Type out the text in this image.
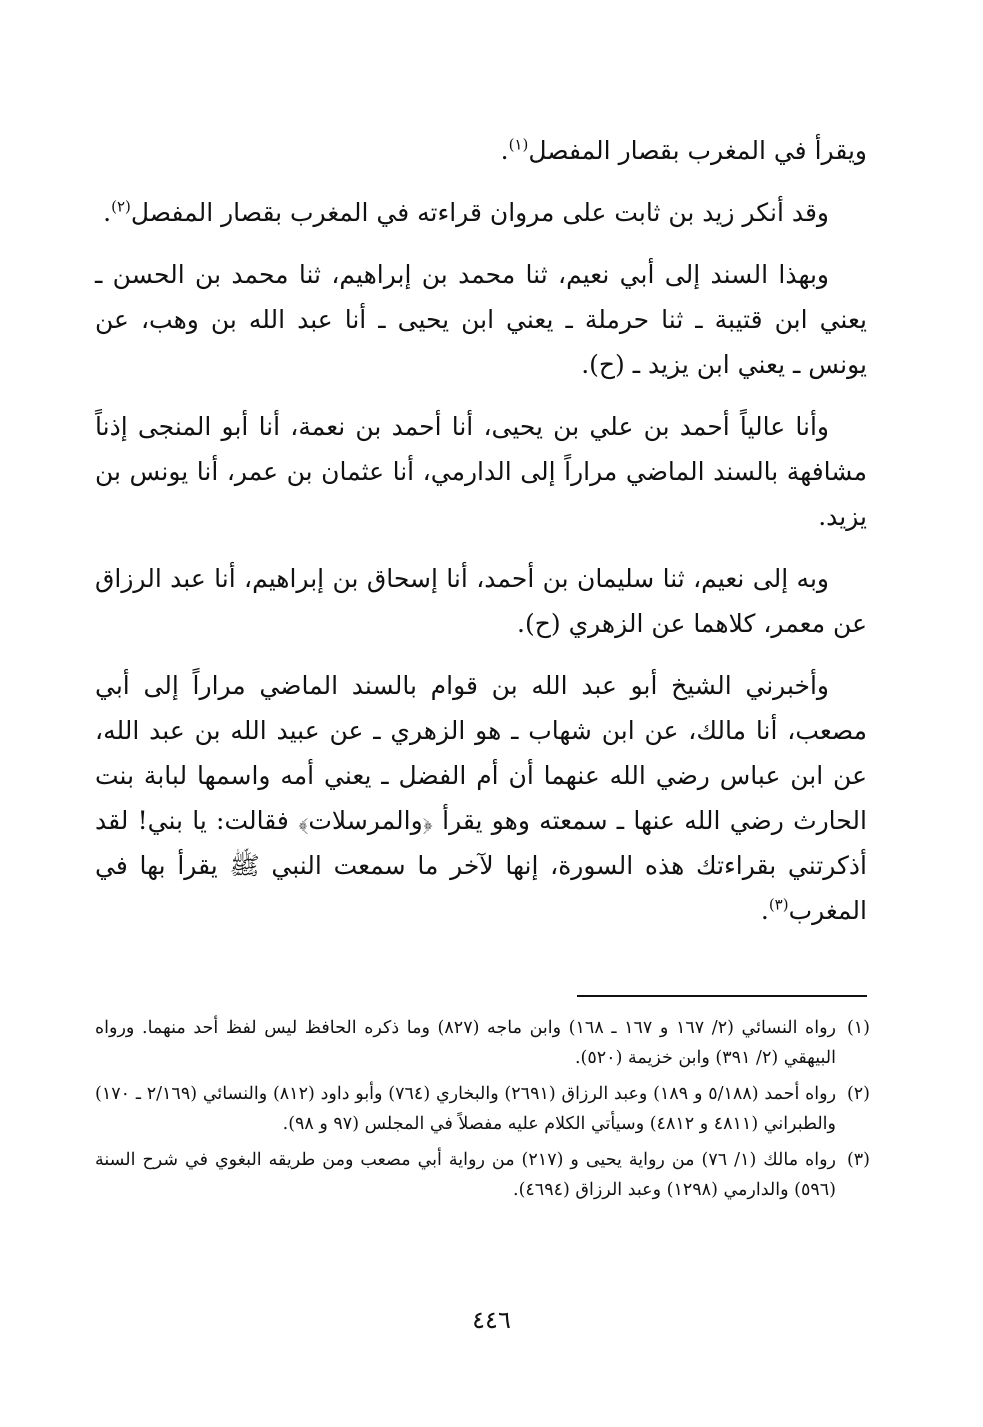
ويقرأ في المغرب بقصار المفصل$^{(١)}$.

وقد أنكر زيد بن ثابت على مروان قراءته في المغرب بقصار المفصل$^{(٢)}$.

وبهذا السند إلى أبي نعيم، ثنا محمد بن إبراهيم، ثنا محمد بن الحسن ـ يعني ابن قتيبة ـ ثنا حرملة ـ يعني ابن يحيى ـ أنا عبد الله بن وهب، عن يونس ـ يعني ابن يزيد ـ (ح).

وأنا عالياً أحمد بن علي بن يحيى، أنا أحمد بن نعمة، أنا أبو المنجى إذناً مشافهة بالسند الماضي مراراً إلى الدارمي، أنا عثمان بن عمر، أنا يونس بن يزيد.

وبه إلى نعيم، ثنا سليمان بن أحمد، أنا إسحاق بن إبراهيم، أنا عبد الرزاق عن معمر، كلاهما عن الزهري (ح).

وأخبرني الشيخ أبو عبد الله بن قوام بالسند الماضي مراراً إلى أبي مصعب، أنا مالك، عن ابن شهاب ـ هو الزهري ـ عن عبيد الله بن عبد الله، عن ابن عباس رضي الله عنهما أن أم الفضل ـ يعني أمه واسمها لبابة بنت الحارث رضي الله عنها ـ سمعته وهو يقرأ ﴿والمرسلات﴾ فقالت: يا بني! لقد أذكرتني بقراءتك هذه السورة، إنها لآخر ما سمعت النبي ﷺ يقرأ بها في المغرب$^{(٣)}$.

(١)
رواه النسائي (٢/ ١٦٧ و ١٦٧ ـ ١٦٨) وابن ماجه (٨٢٧) وما ذكره الحافظ ليس لفظ أحد منهما. ورواه البيهقي (٢/ ٣٩١) وابن خزيمة (٥٢٠).
(٢)
رواه أحمد (٥/١٨٨ و ١٨٩) وعبد الرزاق (٢٦٩١) والبخاري (٧٦٤) وأبو داود (٨١٢) والنسائي (٢/١٦٩ ـ ١٧٠) والطبراني (٤٨١١ و ٤٨١٢) وسيأتي الكلام عليه مفصلاً في المجلس (٩٧ و ٩٨).
(٣)
رواه مالك (١/ ٧٦) من رواية يحيى و (٢١٧) من رواية أبي مصعب ومن طريقه البغوي في شرح السنة (٥٩٦) والدارمي (١٢٩٨) وعبد الرزاق (٤٦٩٤).
٤٤٦
